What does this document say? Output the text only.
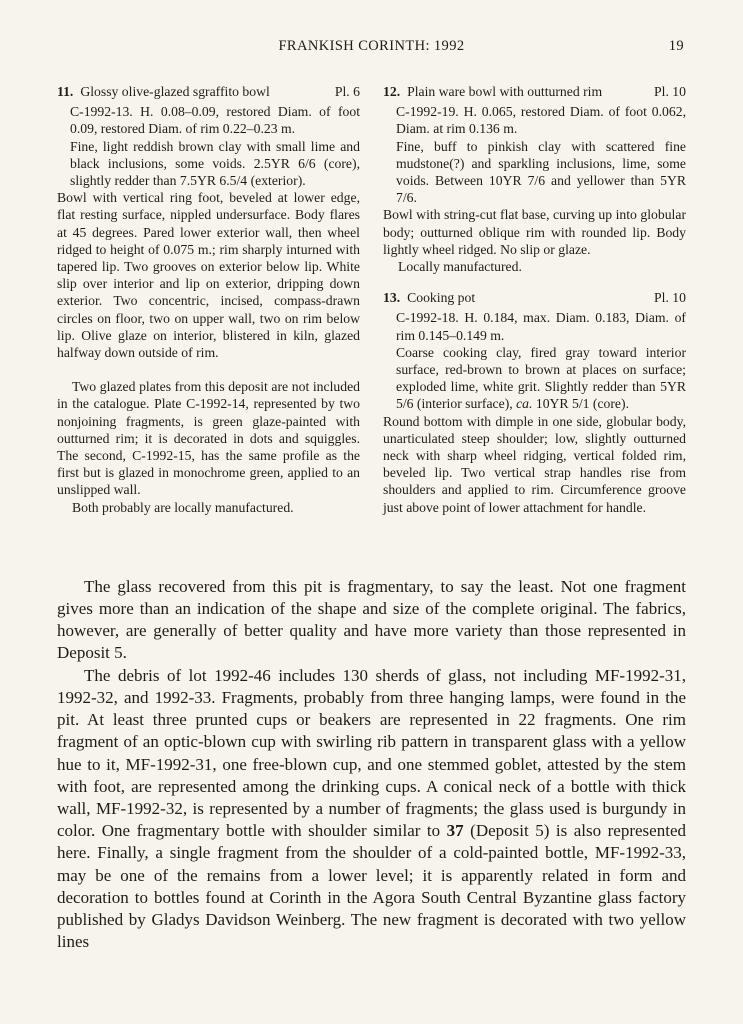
FRANKISH CORINTH: 1992	19
11. Glossy olive-glazed sgraffito bowl	Pl. 6

C-1992-13. H. 0.08–0.09, restored Diam. of foot 0.09, restored Diam. of rim 0.22–0.23 m.

Fine, light reddish brown clay with small lime and black inclusions, some voids. 2.5YR 6/6 (core), slightly redder than 7.5YR 6.5/4 (exterior).

Bowl with vertical ring foot, beveled at lower edge, flat resting surface, nippled undersurface. Body flares at 45 degrees. Pared lower exterior wall, then wheel ridged to height of 0.075 m.; rim sharply inturned with tapered lip. Two grooves on exterior below lip. White slip over interior and lip on exterior, dripping down exterior. Two concentric, incised, compass-drawn circles on floor, two on upper wall, two on rim below lip. Olive glaze on interior, blistered in kiln, glazed halfway down outside of rim.

Two glazed plates from this deposit are not included in the catalogue. Plate C-1992-14, represented by two nonjoining fragments, is green glaze-painted with outturned rim; it is decorated in dots and squiggles. The second, C-1992-15, has the same profile as the first but is glazed in monochrome green, applied to an unslipped wall.

Both probably are locally manufactured.

12. Plain ware bowl with outturned rim	Pl. 10

C-1992-19. H. 0.065, restored Diam. of foot 0.062, Diam. at rim 0.136 m.

Fine, buff to pinkish clay with scattered fine mudstone(?) and sparkling inclusions, lime, some voids. Between 10YR 7/6 and yellower than 5YR 7/6.

Bowl with string-cut flat base, curving up into globular body; outturned oblique rim with rounded lip. Body lightly wheel ridged. No slip or glaze.

Locally manufactured.

13. Cooking pot	Pl. 10

C-1992-18. H. 0.184, max. Diam. 0.183, Diam. of rim 0.145–0.149 m.

Coarse cooking clay, fired gray toward interior surface, red-brown to brown at places on surface; exploded lime, white grit. Slightly redder than 5YR 5/6 (interior surface), ca. 10YR 5/1 (core).

Round bottom with dimple in one side, globular body, unarticulated steep shoulder; low, slightly outturned neck with sharp wheel ridging, vertical folded rim, beveled lip. Two vertical strap handles rise from shoulders and applied to rim. Circumference groove just above point of lower attachment for handle.

The glass recovered from this pit is fragmentary, to say the least. Not one fragment gives more than an indication of the shape and size of the complete original. The fabrics, however, are generally of better quality and have more variety than those represented in Deposit 5.

The debris of lot 1992-46 includes 130 sherds of glass, not including MF-1992-31, 1992-32, and 1992-33. Fragments, probably from three hanging lamps, were found in the pit. At least three prunted cups or beakers are represented in 22 fragments. One rim fragment of an optic-blown cup with swirling rib pattern in transparent glass with a yellow hue to it, MF-1992-31, one free-blown cup, and one stemmed goblet, attested by the stem with foot, are represented among the drinking cups. A conical neck of a bottle with thick wall, MF-1992-32, is represented by a number of fragments; the glass used is burgundy in color. One fragmentary bottle with shoulder similar to 37 (Deposit 5) is also represented here. Finally, a single fragment from the shoulder of a cold-painted bottle, MF-1992-33, may be one of the remains from a lower level; it is apparently related in form and decoration to bottles found at Corinth in the Agora South Central Byzantine glass factory published by Gladys Davidson Weinberg. The new fragment is decorated with two yellow lines
